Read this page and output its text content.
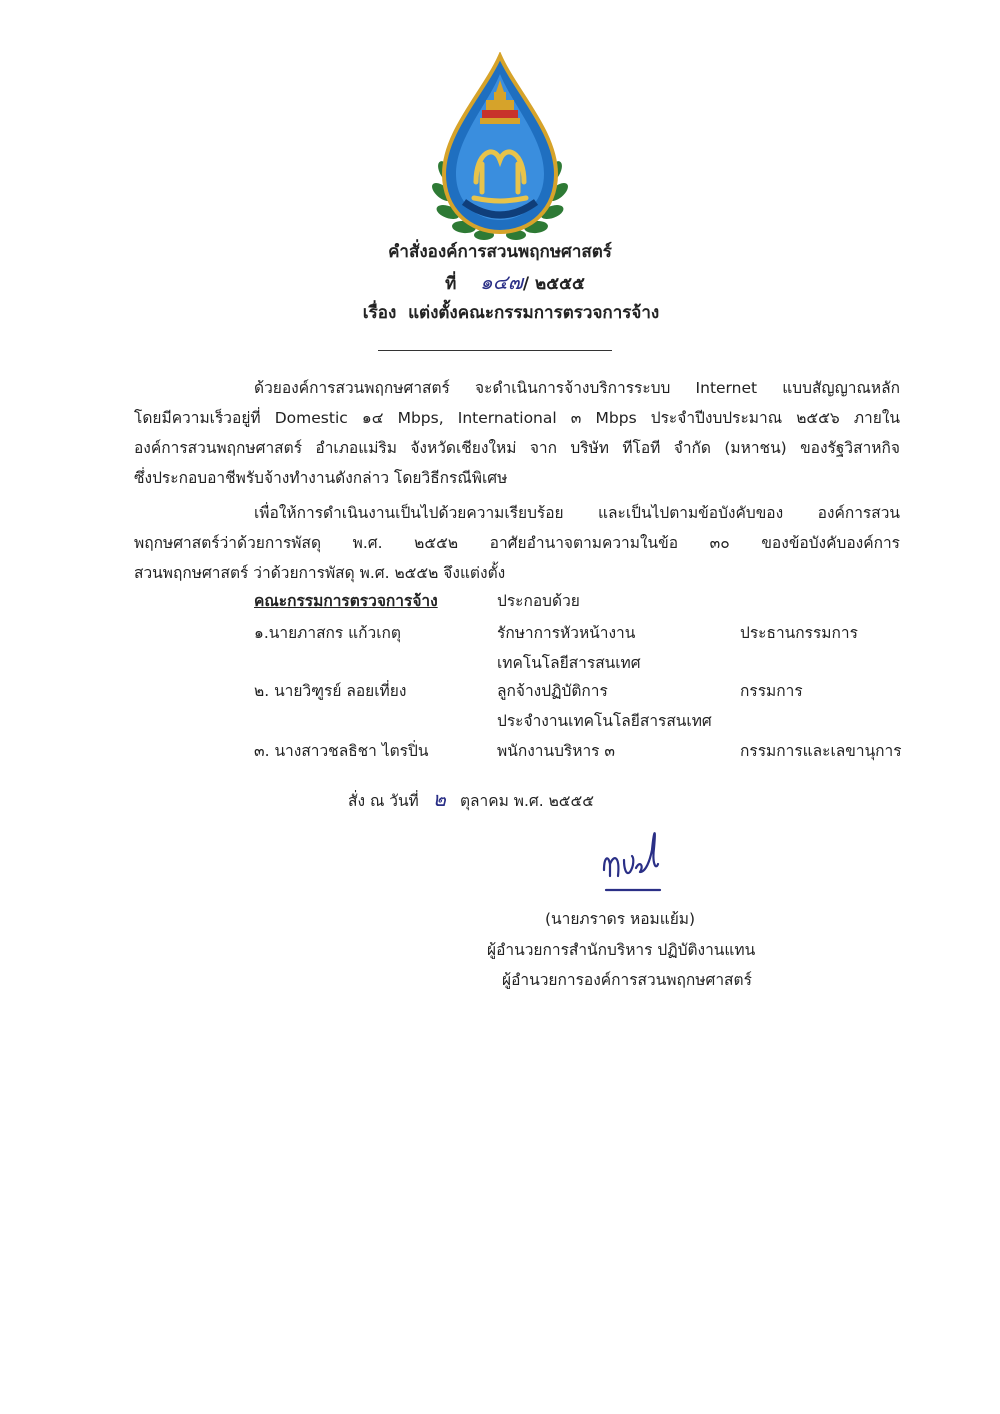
คำสั่งองค์การสวนพฤกษศาสตร์
ที่ ๑๔๗/ ๒๕๕๕
เรื่อง แต่งตั้งคณะกรรมการตรวจการจ้าง
ด้วยองค์การสวนพฤกษศาสตร์ จะดำเนินการจ้างบริการระบบ Internet แบบสัญญาณหลัก
โดยมีความเร็วอยู่ที่ Domestic ๑๔ Mbps, International ๓ Mbps ประจำปีงบประมาณ ๒๕๕๖ ภายใน
องค์การสวนพฤกษศาสตร์ อำเภอแม่ริม จังหวัดเชียงใหม่ จาก บริษัท ทีโอที จำกัด (มหาชน) ของรัฐวิสาหกิจ
ซึ่งประกอบอาชีพรับจ้างทำงานดังกล่าว โดยวิธีกรณีพิเศษ
เพื่อให้การดำเนินงานเป็นไปด้วยความเรียบร้อย และเป็นไปตามข้อบังคับของ องค์การสวน
พฤกษศาสตร์ว่าด้วยการพัสดุ พ.ศ. ๒๕๕๒ อาศัยอำนาจตามความในข้อ ๓๐ ของข้อบังคับองค์การ
สวนพฤกษศาสตร์ ว่าด้วยการพัสดุ พ.ศ. ๒๕๕๒ จึงแต่งตั้ง
คณะกรรมการตรวจการจ้าง	ประกอบด้วย
๑.นายภาสกร แก้วเกตุ	รักษาการหัวหน้างาน	ประธานกรรมการ
เทคโนโลยีสารสนเทศ
๒. นายวิฑูรย์ ลอยเที่ยง	ลูกจ้างปฏิบัติการ	กรรมการ
ประจำงานเทคโนโลยีสารสนเทศ
๓. นางสาวชลธิชา ไตรปิ่น	พนักงานบริหาร ๓	กรรมการและเลขานุการ
สั่ง ณ วันที่ ๒ ตุลาคม พ.ศ. ๒๕๕๕
(นายภราดร หอมแย้ม)
ผู้อำนวยการสำนักบริหาร ปฏิบัติงานแทน
ผู้อำนวยการองค์การสวนพฤกษศาสตร์
